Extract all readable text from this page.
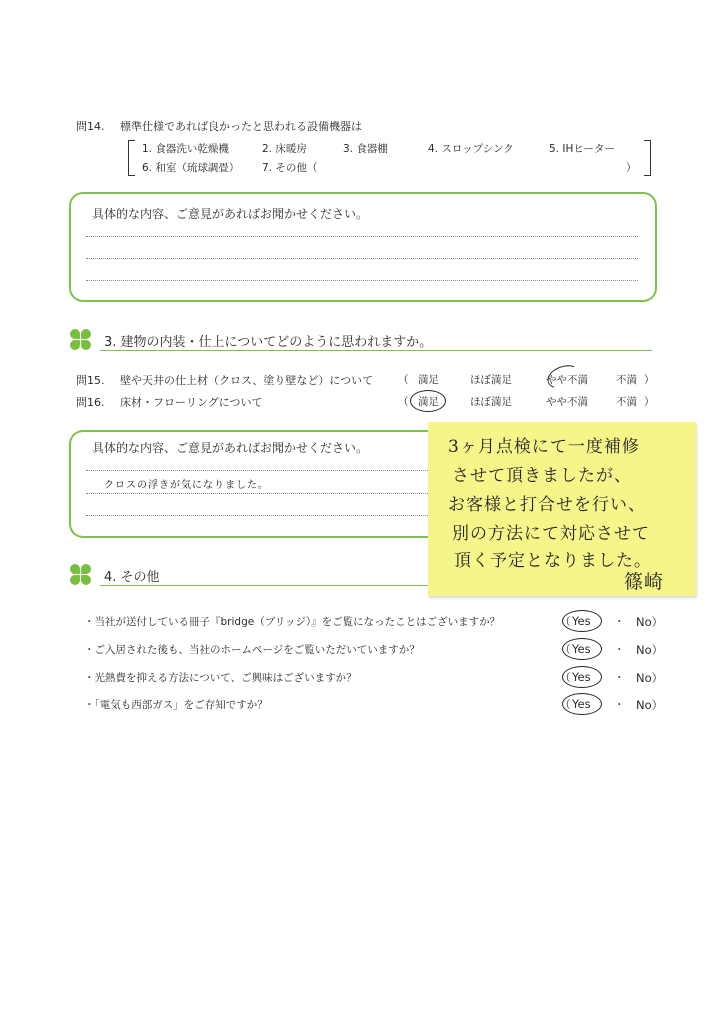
問14. 標準仕様であれば良かったと思われる設備機器は
1. 食器洗い乾燥機	2. 床暖房	3. 食器棚	4. スロップシンク	5. IHヒーター
6. 和室（琉球調畳） 7. その他（	）
具体的な内容、ご意見があればお聞かせください。
3. 建物の内装・仕上についてどのように思われますか。
問15. 壁や天井の仕上材（クロス、塗り壁など）について （ 満足	ほぼ満足	やや不満	不満 ）
問16. 床材・フローリングについて	（ 満足	ほぼ満足	やや不満	不満 ）
具体的な内容、ご意見があればお聞かせください。
クロスの浮きが気になりました。
4. その他
・当社が送付している冊子『bridge（ブリッジ）』をご覧になったことはございますか？	（ Yes ・ No）
・ご入居された後も、当社のホームページをご覧いただいていますか？	（ Yes ・ No）
・光熱費を抑える方法について、ご興味はございますか？	（ Yes ・ No）
・「電気も西部ガス」をご存知ですか？	（ Yes ・ No）
3ヶ月点検にて一度補修
させて頂きましたが、
お客様と打合せを行い、
別の方法にて対応させて
頂く予定となりました。
篠崎
